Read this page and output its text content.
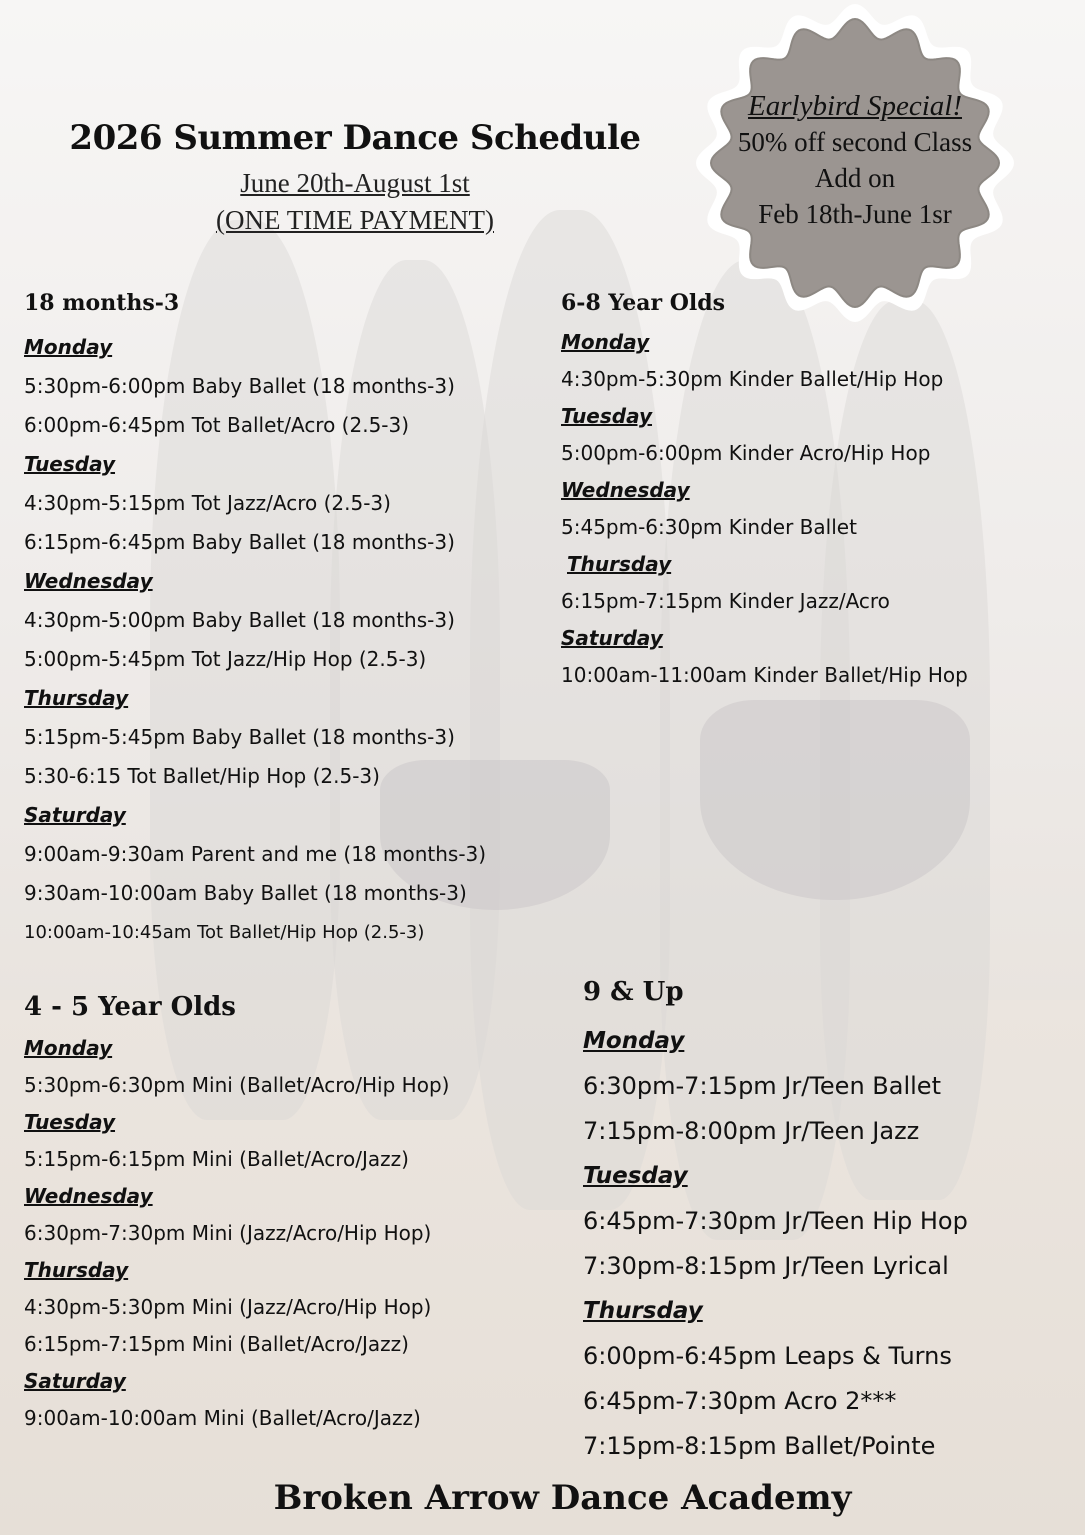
2026 Summer Dance Schedule
June 20th-August 1st
(ONE TIME PAYMENT)
Earlybird Special!
50% off second Class
Add on
Feb 18th-June 1sr

18 months-3

Monday

5:30pm-6:00pm Baby Ballet (18 months-3)

6:00pm-6:45pm Tot Ballet/Acro (2.5-3)

Tuesday

4:30pm-5:15pm Tot Jazz/Acro (2.5-3)

6:15pm-6:45pm Baby Ballet (18 months-3)

Wednesday

4:30pm-5:00pm Baby Ballet (18 months-3)

5:00pm-5:45pm Tot Jazz/Hip Hop (2.5-3)

Thursday

5:15pm-5:45pm Baby Ballet (18 months-3)

5:30-6:15 Tot Ballet/Hip Hop (2.5-3)

Saturday

9:00am-9:30am Parent and me (18 months-3)

9:30am-10:00am Baby Ballet (18 months-3)

10:00am-10:45am Tot Ballet/Hip Hop (2.5-3)

6-8 Year Olds

Monday

4:30pm-5:30pm Kinder Ballet/Hip Hop

Tuesday

5:00pm-6:00pm Kinder Acro/Hip Hop

Wednesday

5:45pm-6:30pm Kinder Ballet

Thursday

6:15pm-7:15pm Kinder Jazz/Acro

Saturday

10:00am-11:00am Kinder Ballet/Hip Hop

4 - 5 Year Olds

Monday

5:30pm-6:30pm Mini (Ballet/Acro/Hip Hop)

Tuesday

5:15pm-6:15pm Mini (Ballet/Acro/Jazz)

Wednesday

6:30pm-7:30pm Mini (Jazz/Acro/Hip Hop)

Thursday

4:30pm-5:30pm Mini (Jazz/Acro/Hip Hop)

6:15pm-7:15pm Mini (Ballet/Acro/Jazz)

Saturday

9:00am-10:00am Mini (Ballet/Acro/Jazz)

9 & Up

Monday

6:30pm-7:15pm Jr/Teen Ballet

7:15pm-8:00pm Jr/Teen Jazz

Tuesday

6:45pm-7:30pm Jr/Teen Hip Hop

7:30pm-8:15pm Jr/Teen Lyrical

Thursday

6:00pm-6:45pm Leaps & Turns

6:45pm-7:30pm Acro 2***

7:15pm-8:15pm Ballet/Pointe

Broken Arrow Dance Academy
